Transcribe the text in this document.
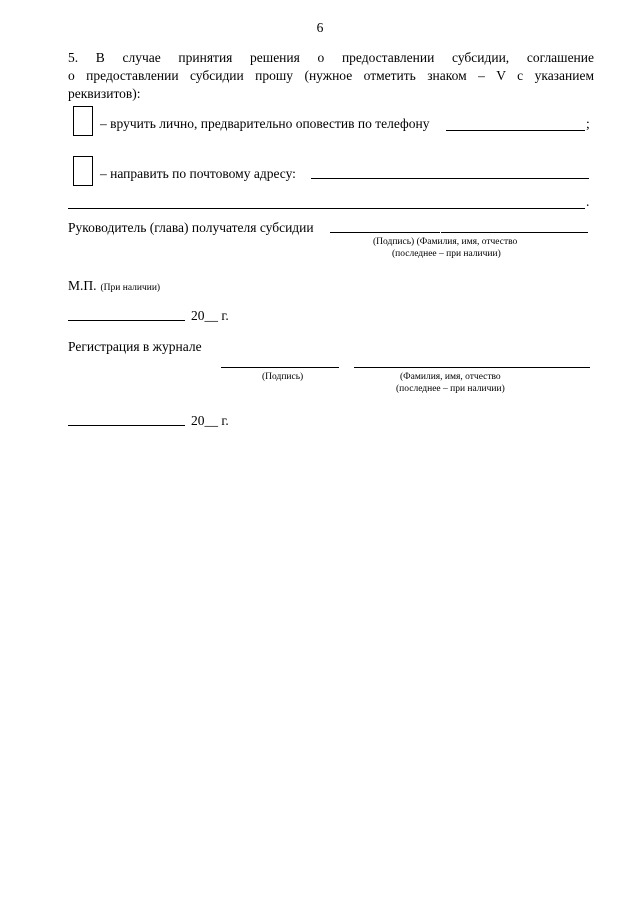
6
5. В случае принятия решения о предоставлении субсидии, соглашение
о предоставлении субсидии прошу (нужное отметить знаком – V с указанием
реквизитов):
– вручить лично, предварительно оповестив по телефону	;
– направить по почтовому адресу:
.
Руководитель (глава) получателя субсидии
(Подпись) (Фамилия, имя, отчество
(последнее – при наличии)
М.П. (При наличии)
20__ г.
Регистрация в журнале
(Подпись)	(Фамилия, имя, отчество
(последнее – при наличии)
20__ г.
